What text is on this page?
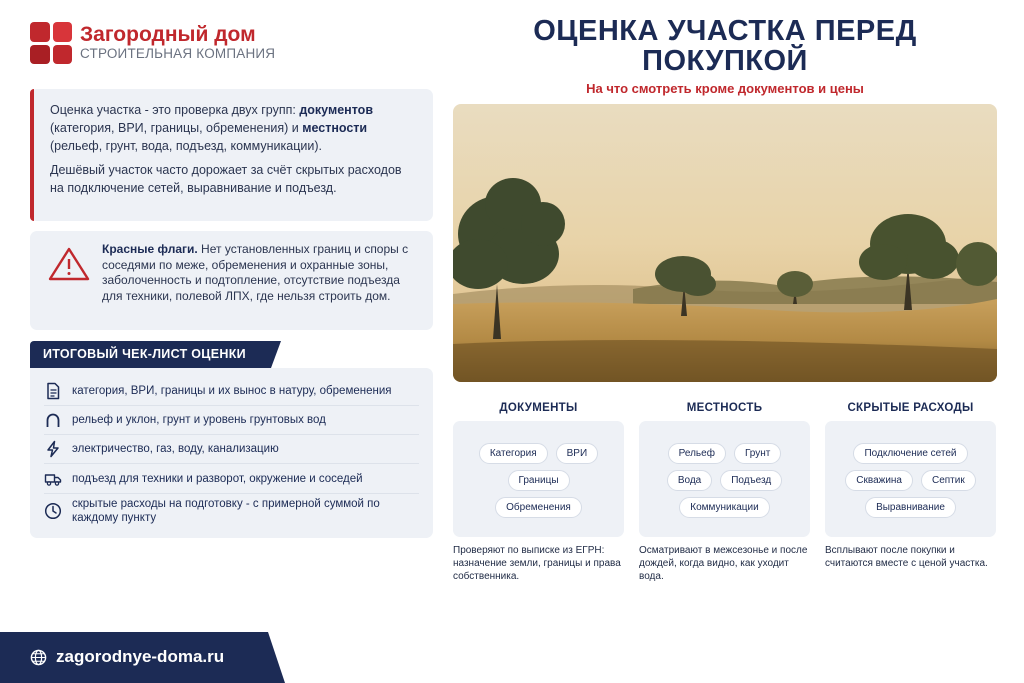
Загородный дом
СТРОИТЕЛЬНАЯ КОМПАНИЯ
ОЦЕНКА УЧАСТКА ПЕРЕД ПОКУПКОЙ
На что смотреть кроме документов и цены

Оценка участка - это проверка двух групп: документов (категория, ВРИ, границы, обременения) и местности (рельеф, грунт, вода, подъезд, коммуникации).

Дешёвый участок часто дорожает за счёт скрытых расходов на подключение сетей, выравнивание и подъезд.

Красные флаги. Нет установленных границ и споры с соседями по меже, обременения и охранные зоны, заболоченность и подтопление, отсутствие подъезда для техники, полевой ЛПХ, где нельзя строить дом.

ИТОГОВЫЙ ЧЕК-ЛИСТ ОЦЕНКИ
категория, ВРИ, границы и их вынос в натуру, обременения
рельеф и уклон, грунт и уровень грунтовых вод
электричество, газ, воду, канализацию
подъезд для техники и разворот, окружение и соседей
скрытые расходы на подготовку - с примерной суммой по каждому пункту
ДОКУМЕНТЫ
Категория	ВРИ
Границы
Обременения
Проверяют по выписке из ЕГРН: назначение земли, границы и права собственника.
МЕСТНОСТЬ
Рельеф	Грунт
Вода	Подъезд
Коммуникации
Осматривают в межсезонье и после дождей, когда видно, как уходит вода.
СКРЫТЫЕ РАСХОДЫ
Подключение сетей
Скважина	Септик
Выравнивание
Всплывают после покупки и считаются вместе с ценой участка.
zagorodnye-doma.ru
